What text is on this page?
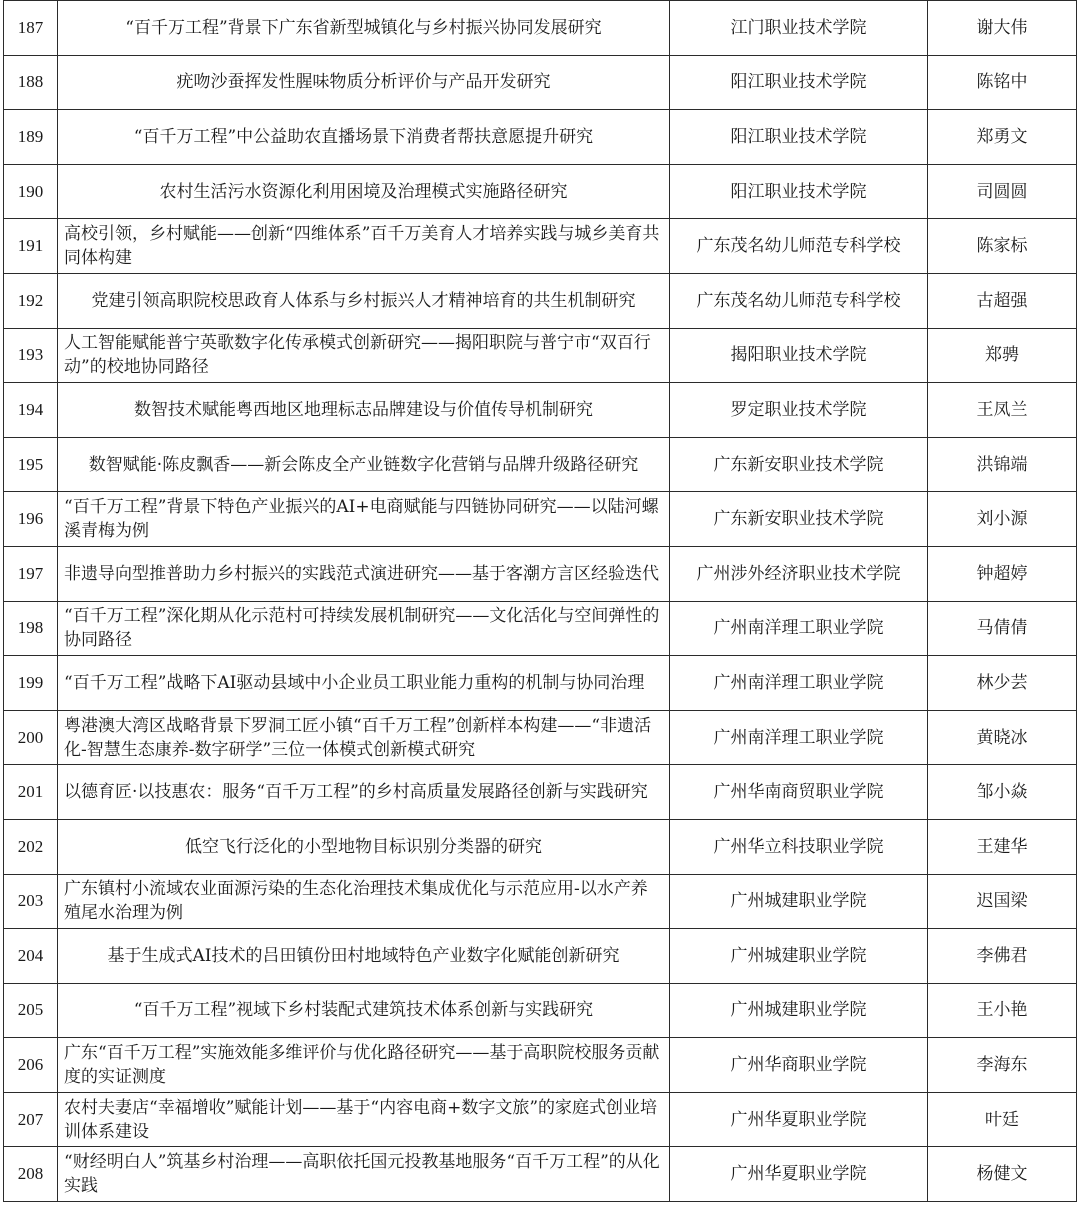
187	“百千万工程”背景下广东省新型城镇化与乡村振兴协同发展研究	江门职业技术学院	谢大伟
188	疣吻沙蚕挥发性腥味物质分析评价与产品开发研究	阳江职业技术学院	陈铭中
189	“百千万工程”中公益助农直播场景下消费者帮扶意愿提升研究	阳江职业技术学院	郑勇文
190	农村生活污水资源化利用困境及治理模式实施路径研究	阳江职业技术学院	司圆圆
191	高校引领，乡村赋能——创新“四维体系”百千万美育人才培养实践与城乡美育共同体构建	广东茂名幼儿师范专科学校	陈家标
192	党建引领高职院校思政育人体系与乡村振兴人才精神培育的共生机制研究	广东茂名幼儿师范专科学校	古超强
193	人工智能赋能普宁英歌数字化传承模式创新研究——揭阳职院与普宁市“双百行动”的校地协同路径	揭阳职业技术学院	郑骋
194	数智技术赋能粤西地区地理标志品牌建设与价值传导机制研究	罗定职业技术学院	王凤兰
195	数智赋能·陈皮飘香——新会陈皮全产业链数字化营销与品牌升级路径研究	广东新安职业技术学院	洪锦端
196	“百千万工程”背景下特色产业振兴的AI+电商赋能与四链协同研究——以陆河螺溪青梅为例	广东新安职业技术学院	刘小源
197	非遗导向型推普助力乡村振兴的实践范式演进研究——基于客潮方言区经验迭代	广州涉外经济职业技术学院	钟超婷
198	“百千万工程”深化期从化示范村可持续发展机制研究——文化活化与空间弹性的协同路径	广州南洋理工职业学院	马倩倩
199	“百千万工程”战略下AI驱动县域中小企业员工职业能力重构的机制与协同治理	广州南洋理工职业学院	林少芸
200	粤港澳大湾区战略背景下罗洞工匠小镇“百千万工程”创新样本构建——“非遗活化-智慧生态康养-数字研学”三位一体模式创新模式研究	广州南洋理工职业学院	黄晓冰
201	以德育匠·以技惠农：服务“百千万工程”的乡村高质量发展路径创新与实践研究	广州华南商贸职业学院	邹小焱
202	低空飞行泛化的小型地物目标识别分类器的研究	广州华立科技职业学院	王建华
203	广东镇村小流域农业面源污染的生态化治理技术集成优化与示范应用-以水产养殖尾水治理为例	广州城建职业学院	迟国梁
204	基于生成式AI技术的吕田镇份田村地域特色产业数字化赋能创新研究	广州城建职业学院	李佛君
205	“百千万工程”视域下乡村装配式建筑技术体系创新与实践研究	广州城建职业学院	王小艳
206	广东“百千万工程”实施效能多维评价与优化路径研究——基于高职院校服务贡献度的实证测度	广州华商职业学院	李海东
207	农村夫妻店“幸福增收”赋能计划——基于“内容电商+数字文旅”的家庭式创业培训体系建设	广州华夏职业学院	叶廷
208	“财经明白人”筑基乡村治理——高职依托国元投教基地服务“百千万工程”的从化实践	广州华夏职业学院	杨健文
